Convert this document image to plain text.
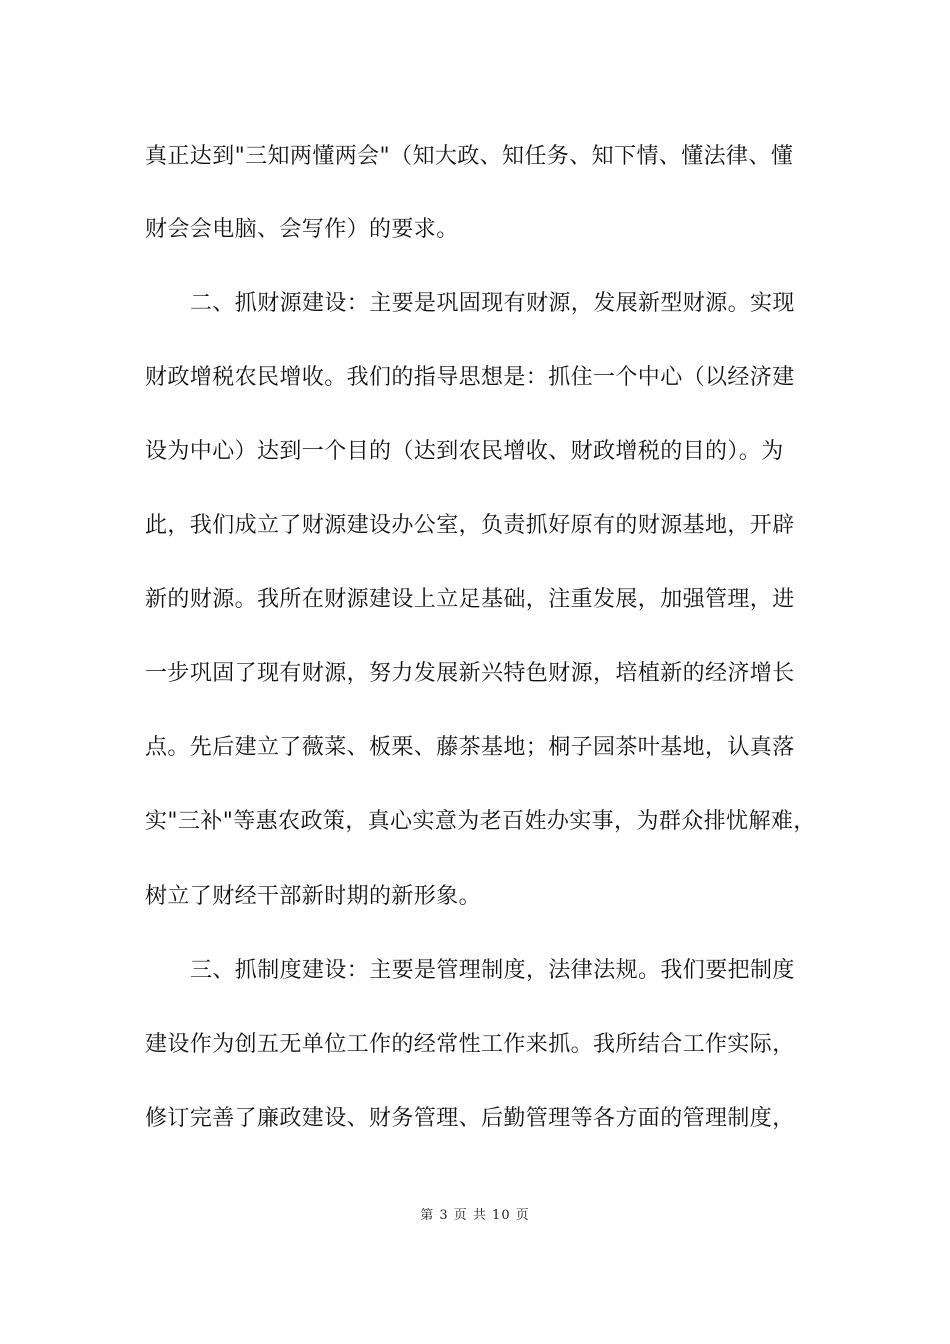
真正达到"三知两懂两会"（知大政、知任务、知下情、懂法律、懂
财会会电脑、会写作）的要求。
二、抓财源建设：主要是巩固现有财源，发展新型财源。实现
财政增税农民增收。我们的指导思想是：抓住一个中心（以经济建
设为中心）达到一个目的（达到农民增收、财政增税的目的）。为
此，我们成立了财源建设办公室，负责抓好原有的财源基地，开辟
新的财源。我所在财源建设上立足基础，注重发展，加强管理，进
一步巩固了现有财源，努力发展新兴特色财源，培植新的经济增长
点。先后建立了薇菜、板栗、藤茶基地；桐子园茶叶基地，认真落
实"三补"等惠农政策，真心实意为老百姓办实事，为群众排忧解难，
树立了财经干部新时期的新形象。
三、抓制度建设：主要是管理制度，法律法规。我们要把制度
建设作为创五无单位工作的经常性工作来抓。我所结合工作实际，
修订完善了廉政建设、财务管理、后勤管理等各方面的管理制度，
第 3 页 共 10 页
